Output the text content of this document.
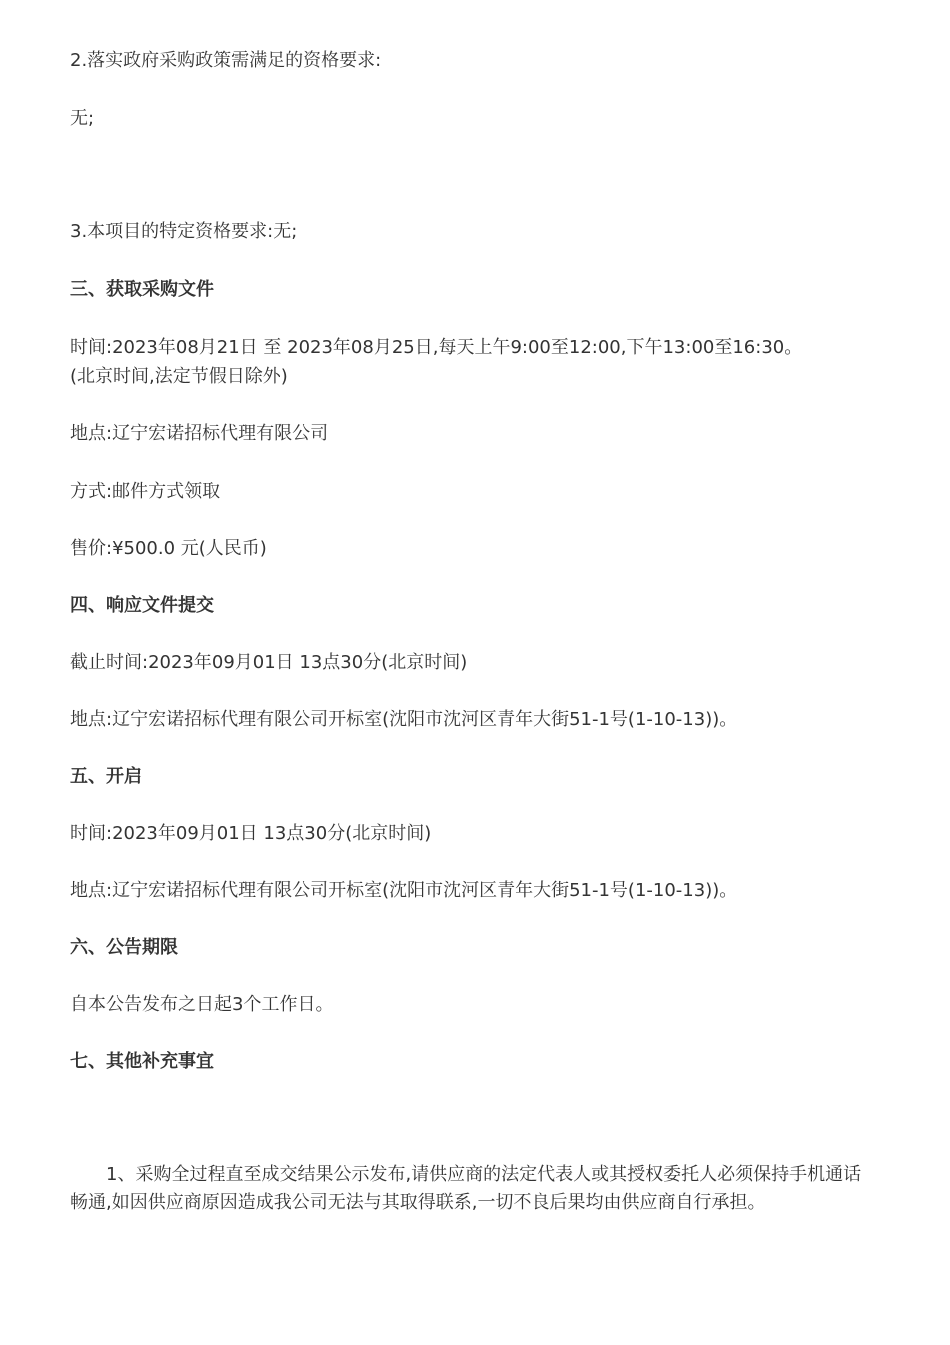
2.落实政府采购政策需满足的资格要求:
无;
3.本项目的特定资格要求:无;
三、获取采购文件
时间:2023年08月21日 至 2023年08月25日,每天上午9:00至12:00,下午13:00至16:30。
(北京时间,法定节假日除外)
地点:辽宁宏诺招标代理有限公司
方式:邮件方式领取
售价:¥500.0 元(人民币)
四、响应文件提交
截止时间:2023年09月01日 13点30分(北京时间)
地点:辽宁宏诺招标代理有限公司开标室(沈阳市沈河区青年大街51-1号(1-10-13))。
五、开启
时间:2023年09月01日 13点30分(北京时间)
地点:辽宁宏诺招标代理有限公司开标室(沈阳市沈河区青年大街51-1号(1-10-13))。
六、公告期限
自本公告发布之日起3个工作日。
七、其他补充事宜
1、采购全过程直至成交结果公示发布,请供应商的法定代表人或其授权委托人必须保持手机通话畅通,如因供应商原因造成我公司无法与其取得联系,一切不良后果均由供应商自行承担。
